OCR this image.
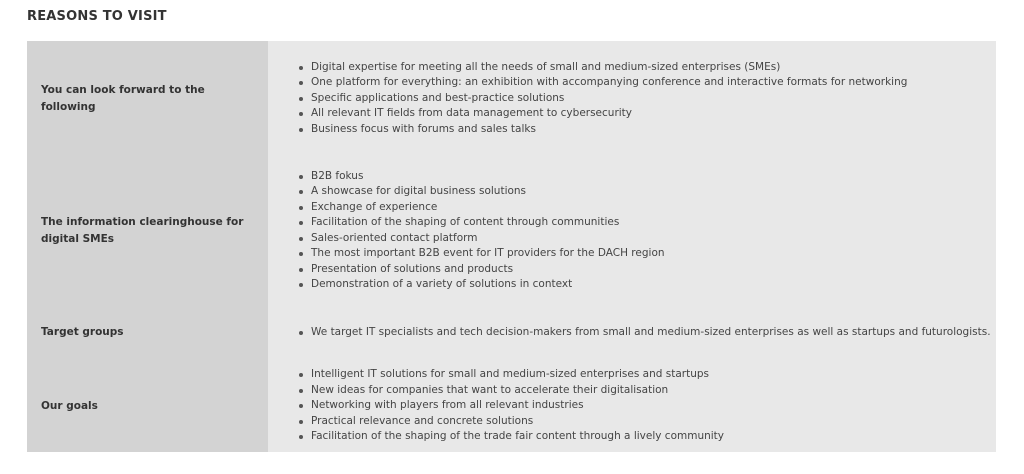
REASONS TO VISIT
You can look forward to the following
Digital expertise for meeting all the needs of small and medium-sized enterprises (SMEs)
One platform for everything: an exhibition with accompanying conference and interactive formats for networking
Specific applications and best-practice solutions
All relevant IT fields from data management to cybersecurity
Business focus with forums and sales talks
The information clearinghouse for digital SMEs
B2B fokus
A showcase for digital business solutions
Exchange of experience
Facilitation of the shaping of content through communities
Sales-oriented contact platform
The most important B2B event for IT providers for the DACH region
Presentation of solutions and products
Demonstration of a variety of solutions in context
Target groups	We target IT specialists and tech decision-makers from small and medium-sized enterprises as well as startups and futurologists.
Our goals
Intelligent IT solutions for small and medium-sized enterprises and startups
New ideas for companies that want to accelerate their digitalisation
Networking with players from all relevant industries
Practical relevance and concrete solutions
Facilitation of the shaping of the trade fair content through a lively community
